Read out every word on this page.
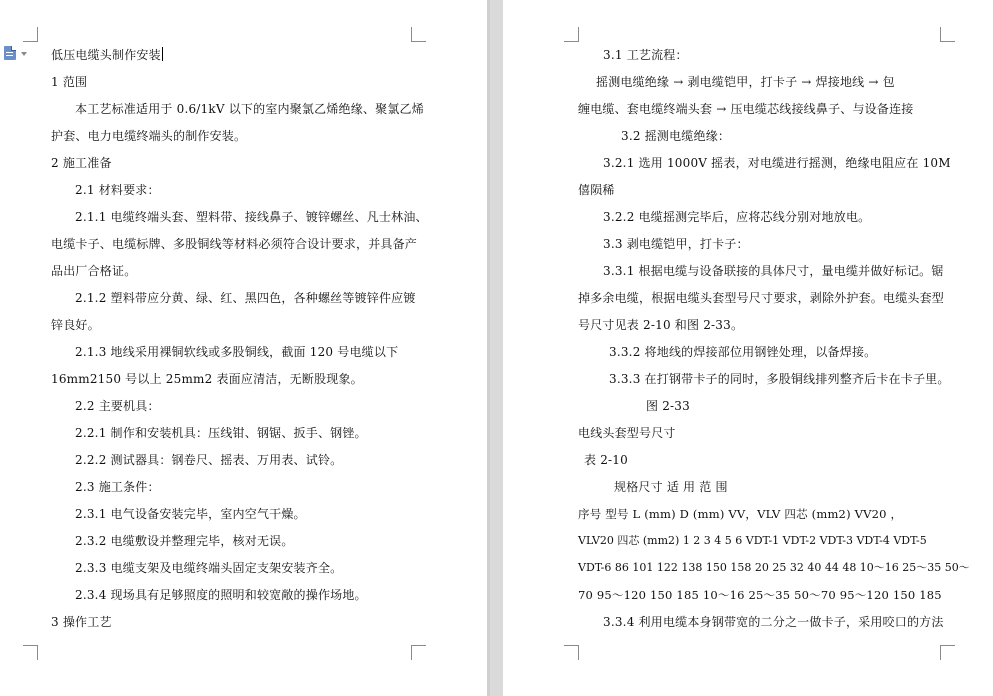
低压电缆头制作安装
1 范围
本工艺标准适用于 0.6/1kV 以下的室内聚氯乙烯绝缘、聚氯乙烯
护套、电力电缆终端头的制作安装。
2 施工准备
2.1 材料要求：
2.1.1 电缆终端头套、塑料带、接线鼻子、镀锌螺丝、凡士林油、
电缆卡子、电缆标牌、多股铜线等材料必须符合设计要求，并具备产
品出厂合格证。
2.1.2 塑料带应分黄、绿、红、黑四色，各种螺丝等镀锌件应镀
锌良好。
2.1.3 地线采用裸铜软线或多股铜线，截面 120 号电缆以下
16mm2150 号以上 25mm2 表面应清洁，无断股现象。
2.2 主要机具：
2.2.1 制作和安装机具：压线钳、钢锯、扳手、钢锉。
2.2.2 测试器具：钢卷尺、摇表、万用表、试铃。
2.3 施工条件：
2.3.1 电气设备安装完毕，室内空气干燥。
2.3.2 电缆敷设并整理完毕，核对无误。
2.3.3 电缆支架及电缆终端头固定支架安装齐全。
2.3.4 现场具有足够照度的照明和较宽敞的操作场地。
3 操作工艺
3.1 工艺流程：
摇测电缆绝缘 → 剥电缆铠甲，打卡子 → 焊接地线 → 包
缠电缆、套电缆终端头套 → 压电缆芯线接线鼻子、与设备连接
3.2 摇测电缆绝缘：
3.2.1 选用 1000V 摇表，对电缆进行摇测，绝缘电阻应在 10M
僖陨稀
3.2.2 电缆摇测完毕后，应将芯线分别对地放电。
3.3 剥电缆铠甲，打卡子：
3.3.1 根据电缆与设备联接的具体尺寸，量电缆并做好标记。锯
掉多余电缆，根据电缆头套型号尺寸要求，剥除外护套。电缆头套型
号尺寸见表 2-10 和图 2-33。
3.3.2 将地线的焊接部位用钢锉处理，以备焊接。
3.3.3 在打钢带卡子的同时，多股铜线排列整齐后卡在卡子里。
图 2-33
电线头套型号尺寸
表 2-10
规格尺寸 适 用 范 围
序号 型号 L (mm) D (mm) VV，VLV 四芯 (mm2) VV20 ，
VLV20 四芯 (mm2) 1 2 3 4 5 6 VDT-1 VDT-2 VDT-3 VDT-4 VDT-5
VDT-6 86 101 122 138 150 158 20 25 32 40 44 48 10～16 25～35 50～
70 95～120 150 185 10～16 25～35 50～70 95～120 150 185
3.3.4 利用电缆本身钢带宽的二分之一做卡子，采用咬口的方法
